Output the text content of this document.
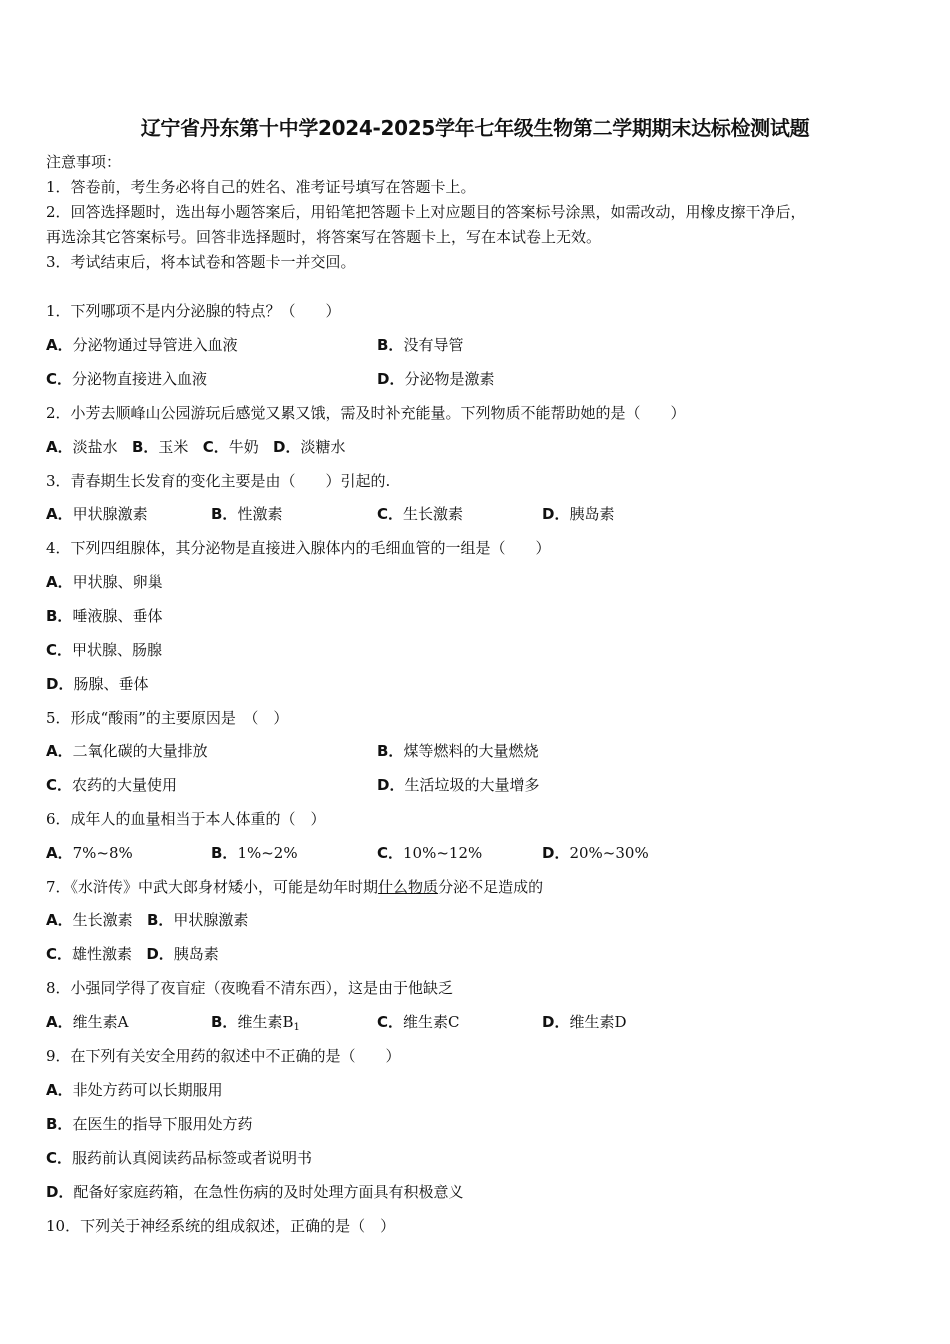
辽宁省丹东第十中学2024-2025学年七年级生物第二学期期末达标检测试题
注意事项：
1．答卷前，考生务必将自己的姓名、准考证号填写在答题卡上。
2．回答选择题时，选出每小题答案后，用铅笔把答题卡上对应题目的答案标号涂黑，如需改动，用橡皮擦干净后，
再选涂其它答案标号。回答非选择题时，将答案写在答题卡上，写在本试卷上无效。
3．考试结束后，将本试卷和答题卡一并交回。
1．下列哪项不是内分泌腺的特点？（　　）
A．分泌物通过导管进入血液	B．没有导管
C．分泌物直接进入血液	D．分泌物是激素
2．小芳去顺峰山公园游玩后感觉又累又饿，需及时补充能量。下列物质不能帮助她的是（　　）
A．淡盐水 B．玉米 C．牛奶 D．淡糖水
3．青春期生长发育的变化主要是由（　　）引起的.
A．甲状腺激素	B．性激素	C．生长激素	D．胰岛素
4．下列四组腺体，其分泌物是直接进入腺体内的毛细血管的一组是（　　）
A．甲状腺、卵巢
B．唾液腺、垂体
C．甲状腺、肠腺
D．肠腺、垂体
5．形成“酸雨”的主要原因是　（　）
A．二氧化碳的大量排放	B．煤等燃料的大量燃烧
C．农药的大量使用	D．生活垃圾的大量增多
6．成年人的血量相当于本人体重的（　）
A．7%~8%	B．1%~2%	C．10%~12%	D．20%~30%
7．《水浒传》中武大郎身材矮小，可能是幼年时期什么物质分泌不足造成的
A．生长激素 B．甲状腺激素
C．雄性激素 D．胰岛素
8．小强同学得了夜盲症（夜晚看不清东西），这是由于他缺乏
A．维生素A	B．维生素$B_1$	C．维生素C	D．维生素D
9．在下列有关安全用药的叙述中不正确的是（　　）
A．非处方药可以长期服用
B．在医生的指导下服用处方药
C．服药前认真阅读药品标签或者说明书
D．配备好家庭药箱，在急性伤病的及时处理方面具有积极意义
10．下列关于神经系统的组成叙述，正确的是（　）
